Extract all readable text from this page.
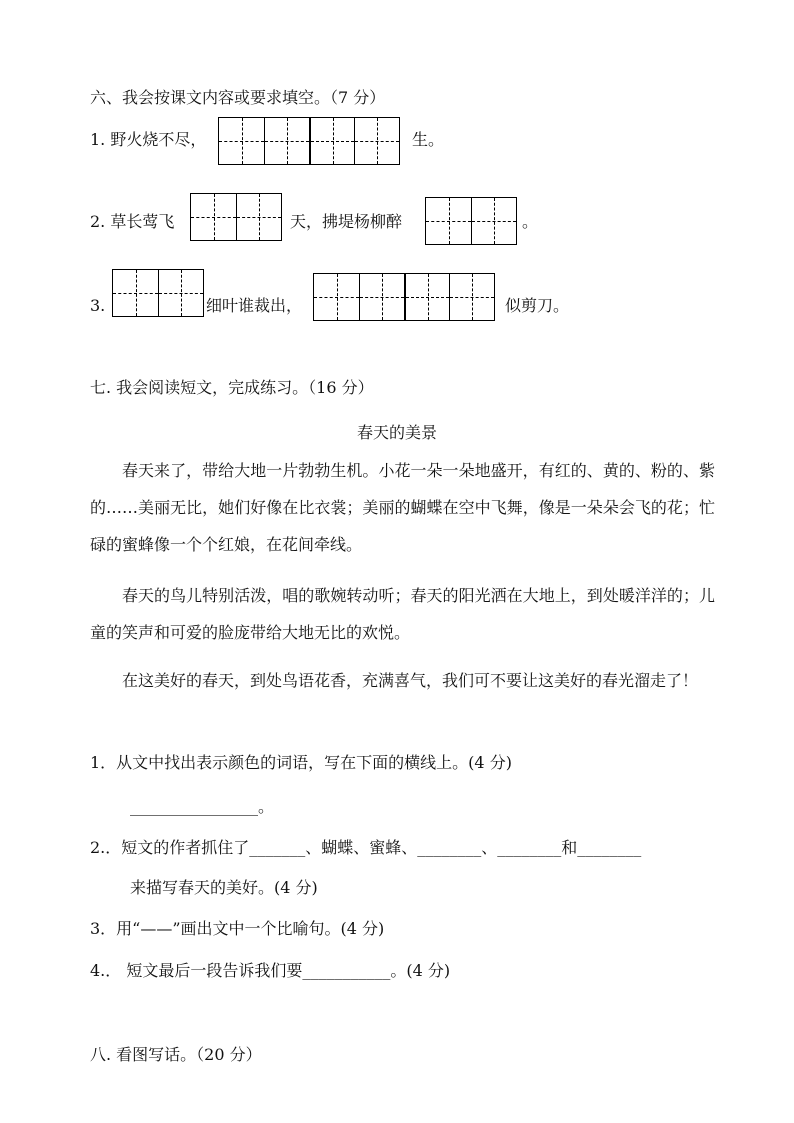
六、我会按课文内容或要求填空。（7 分）
1. 野火烧不尽，	生。
2. 草长莺飞	天，拂堤杨柳醉	。
3.	细叶谁裁出，	似剪刀。
七. 我会阅读短文，完成练习。（16 分）
春天的美景
春天来了，带给大地一片勃勃生机。小花一朵一朵地盛开，有红的、黄的、粉的、紫的……美丽无比，她们好像在比衣裳；美丽的蝴蝶在空中飞舞，像是一朵朵会飞的花；忙碌的蜜蜂像一个个红娘，在花间牵线。
春天的鸟儿特别活泼，唱的歌婉转动听；春天的阳光洒在大地上，到处暖洋洋的；儿童的笑声和可爱的脸庞带给大地无比的欢悦。
在这美好的春天，到处鸟语花香，充满喜气，我们可不要让这美好的春光溜走了！
1．从文中找出表示颜色的词语，写在下面的横线上。(4 分)
________________。
2.．短文的作者抓住了_______、蝴蝶、蜜蜂、________、________和________
来描写春天的美好。(4 分)
3．用“——”画出文中一个比喻句。(4 分)
4.． 短文最后一段告诉我们要___________。(4 分)
八. 看图写话。（20 分）
